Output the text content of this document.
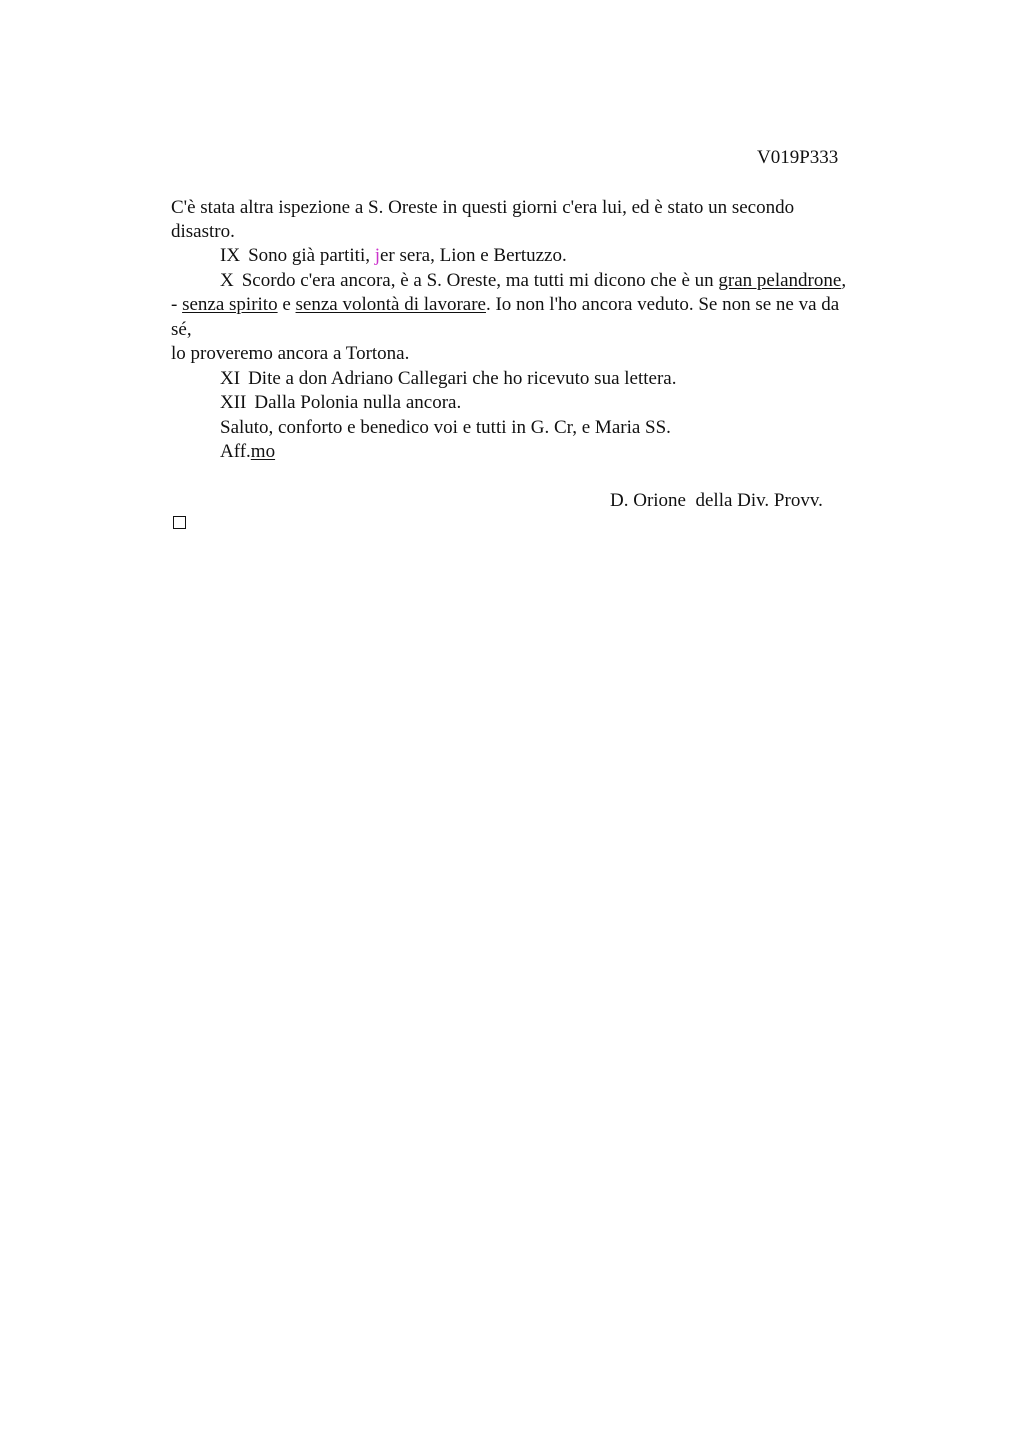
V019P333
C'è stata altra ispezione a S. Oreste in questi giorni c'era lui, ed è stato un secondo
disastro.
IX Sono già partiti, jer sera, Lion e Bertuzzo.
X Scordo c'era ancora, è a S. Oreste, ma tutti mi dicono che è un gran pelandrone,
- senza spirito e senza volontà di lavorare. Io non l'ho ancora veduto. Se non se ne va da
sé,
lo proveremo ancora a Tortona.
XI Dite a don Adriano Callegari che ho ricevuto sua lettera.
XII Dalla Polonia nulla ancora.
Saluto, conforto e benedico voi e tutti in G. Cr, e Maria SS.
Aff.mo
D. Orione  della Div. Provv.
